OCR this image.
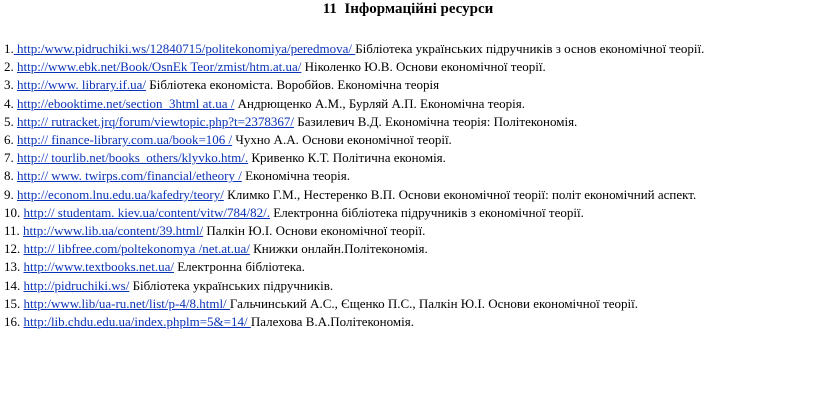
11  Інформаційні ресурси
1. http:/www.pidruchiki.ws/12840715/politekonomiya/peredmova/ Бібліотека українських підручників з основ економічної теорії.
2. http://www.ebk.net/Book/OsnEk Teor/zmist/htm.at.ua/ Ніколенко Ю.В. Основи економічної теорії.
3. http://www. library.if.ua/ Бібліотека економіста. Воробйов. Економічна теорія
4. http://ebooktime.net/section_3html at.ua / Андрющенко А.М., Бурляй А.П. Економічна теорія.
5. http:// rutracket.jrq/forum/viewtopic.php?t=2378367/ Базилевич В.Д. Економічна теорія: Політекономія.
6. http:// finance-library.com.ua/book=106 / Чухно А.А. Основи економічної теорії.
7. http:// tourlib.net/books_others/klyvko.htm/. Кривенко К.Т. Політична економія.
8. http:// www. twirps.com/financial/etheory / Економічна теорія.
9. http://econom.lnu.edu.ua/kafedry/teory/ Климко Г.М., Нестеренко В.П. Основи економічної теорії: політ економічний аспект.
10. http:// studentam. kiev.ua/content/vitw/784/82/. Електронна бібліотека підручників з економічної теорії.
11. http://www.lib.ua/content/39.html/ Палкін Ю.І. Основи економічної теорії.
12. http:// libfree.com/poltekonomya /net.at.ua/ Книжки онлайн.Політекономія.
13. http://www.textbooks.net.ua/ Електронна бібліотека.
14. http://pidruchiki.ws/ Бібліотека українських підручників.
15. http:/www.lib/ua-ru.net/list/p-4/8.html/ Гальчинський А.С., Єщенко П.С., Палкін Ю.І. Основи економічної теорії.
16. http:/lib.chdu.edu.ua/index.phplm=5&=14/ Палехова В.А.Політекономія.
